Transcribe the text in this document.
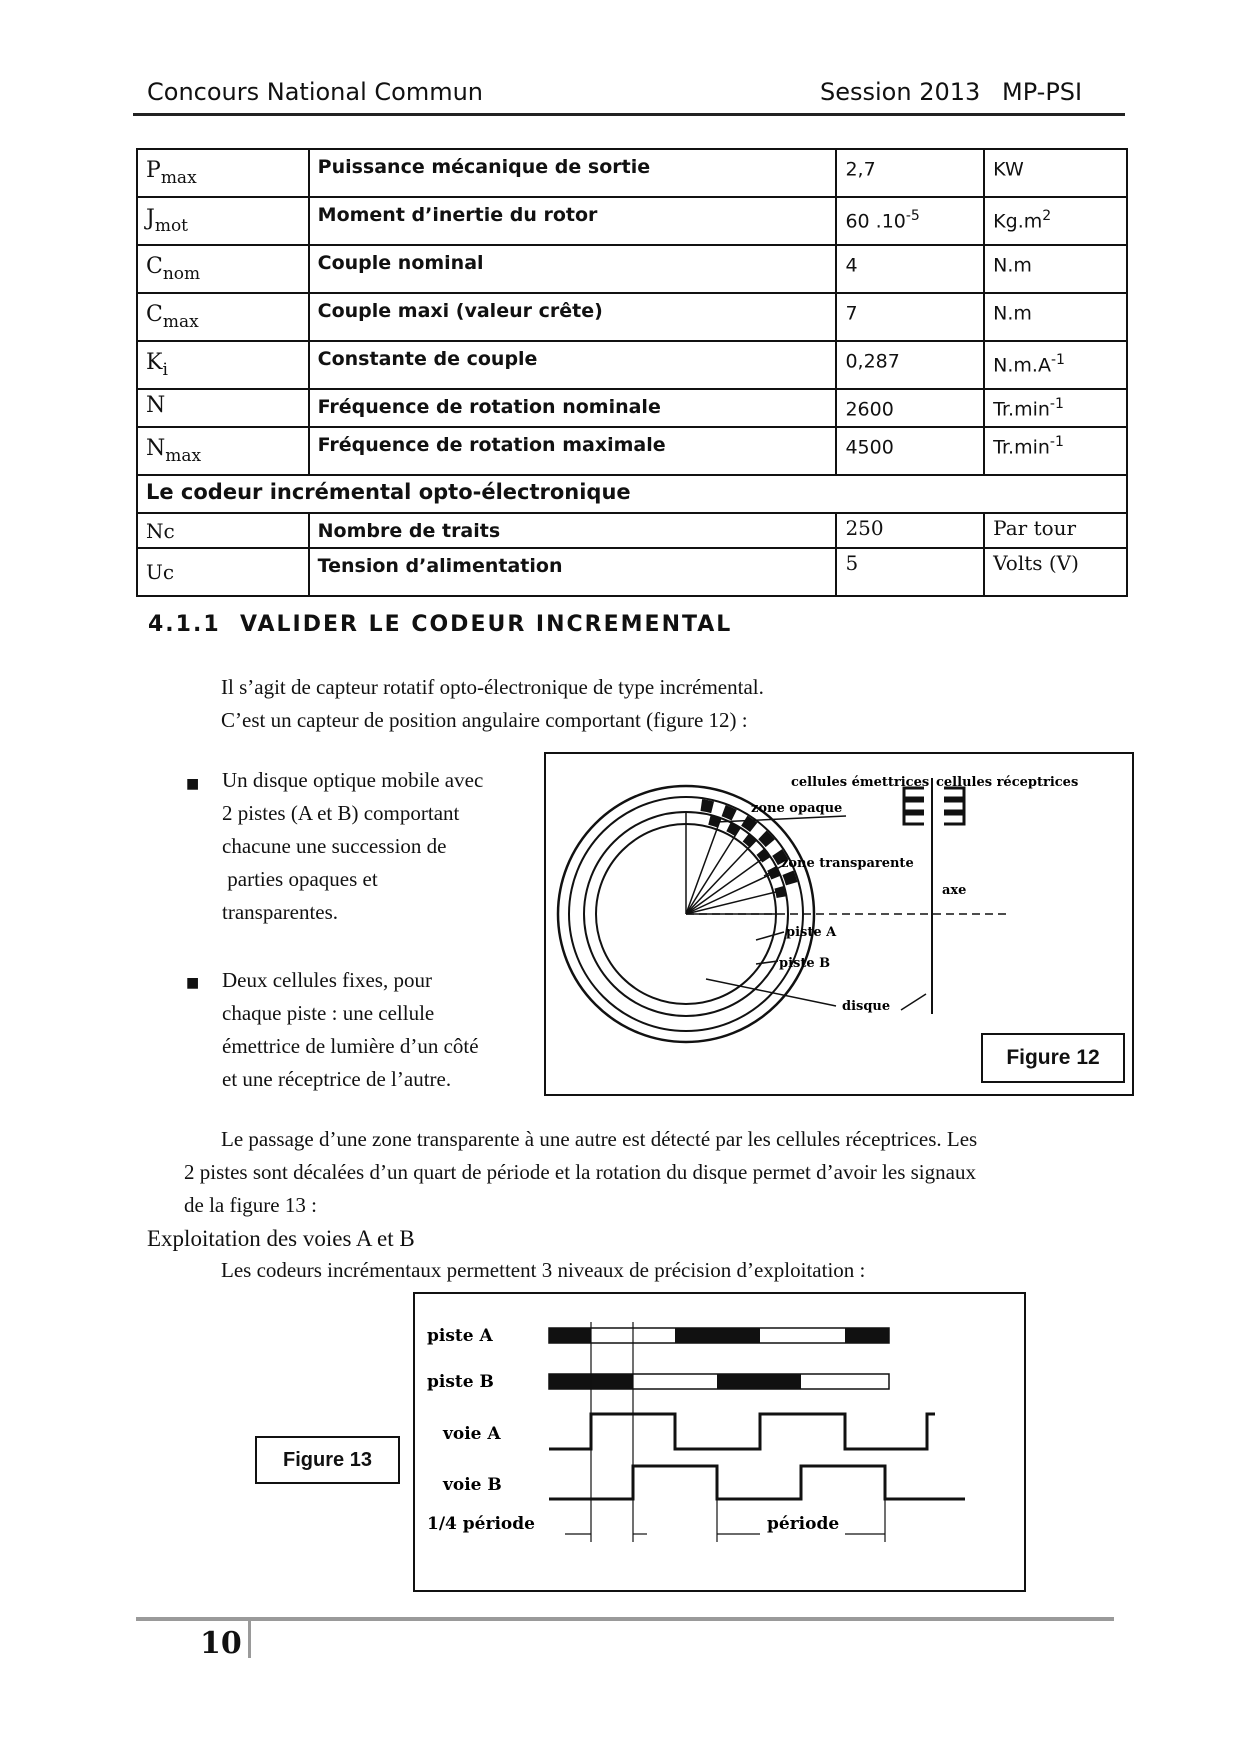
Concours National Commun	Session 2013 MP-PSI
$P_{max}$	Puissance mécanique de sortie	2,7	KW
$J_{mot}$	Moment d’inertie du rotor	60 $.10^{-5}$	$Kg.m^2$
$C_{nom}$	Couple nominal	4	N.m
$C_{max}$	Couple maxi (valeur crête)	7	N.m
$K_i$	Constante de couple	0,287	$N.m.A^{-1}$
N	Fréquence de rotation nominale	2600	$Tr.\min^{-1}$
$N_{max}$	Fréquence de rotation maximale	4500	$Tr.\min^{-1}$
Le codeur incrémental opto-électronique			
Nc	Nombre de traits	250	Par tour
Uc	Tension d’alimentation	5	Volts (V)
4.1.1 VALIDER LE CODEUR INCREMENTAL
Il s’agit de capteur rotatif opto-électronique de type incrémental.
C’est un capteur de position angulaire comportant (figure 12) :
■ Un disque optique mobile avec
2 pistes (A et B) comportant
chacune une succession de
parties opaques et
transparentes.
■ Deux cellules fixes, pour
chaque piste : une cellule
émettrice de lumière d’un côté
et une réceptrice de l’autre.
cellules émettrices cellules réceptrices
zone opaque
zone transparente
axe
piste A
piste B
disque
Figure 12
Le passage d’une zone transparente à une autre est détecté par les cellules réceptrices. Les
2 pistes sont décalées d’un quart de période et la rotation du disque permet d’avoir les signaux
de la figure 13 :
Exploitation des voies A et B
Les codeurs incrémentaux permettent 3 niveaux de précision d’exploitation :
Figure 13
piste A
piste B
voie A
voie B
1/4 période	période
10
